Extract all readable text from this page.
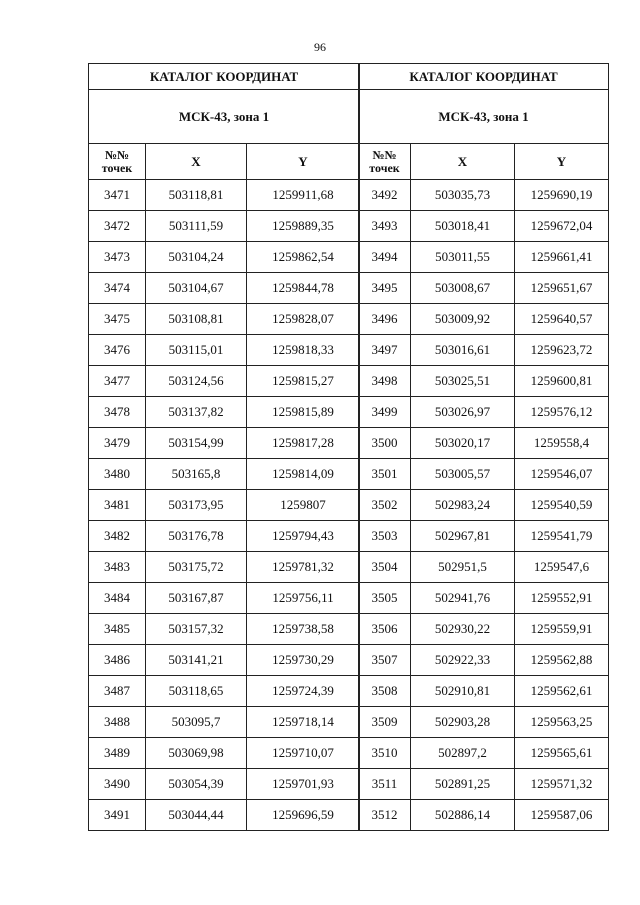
96
КАТАЛОГ КООРДИНАТ		
МСК-43, зона 1		
№№ точек	X	Y
3471	503118,81	1259911,68
3472	503111,59	1259889,35
3473	503104,24	1259862,54
3474	503104,67	1259844,78
3475	503108,81	1259828,07
3476	503115,01	1259818,33
3477	503124,56	1259815,27
3478	503137,82	1259815,89
3479	503154,99	1259817,28
3480	503165,8	1259814,09
3481	503173,95	1259807
3482	503176,78	1259794,43
3483	503175,72	1259781,32
3484	503167,87	1259756,11
3485	503157,32	1259738,58
3486	503141,21	1259730,29
3487	503118,65	1259724,39
3488	503095,7	1259718,14
3489	503069,98	1259710,07
3490	503054,39	1259701,93
3491	503044,44	1259696,59
КАТАЛОГ КООРДИНАТ		
МСК-43, зона 1		
№№ точек	X	Y
3492	503035,73	1259690,19
3493	503018,41	1259672,04
3494	503011,55	1259661,41
3495	503008,67	1259651,67
3496	503009,92	1259640,57
3497	503016,61	1259623,72
3498	503025,51	1259600,81
3499	503026,97	1259576,12
3500	503020,17	1259558,4
3501	503005,57	1259546,07
3502	502983,24	1259540,59
3503	502967,81	1259541,79
3504	502951,5	1259547,6
3505	502941,76	1259552,91
3506	502930,22	1259559,91
3507	502922,33	1259562,88
3508	502910,81	1259562,61
3509	502903,28	1259563,25
3510	502897,2	1259565,61
3511	502891,25	1259571,32
3512	502886,14	1259587,06
